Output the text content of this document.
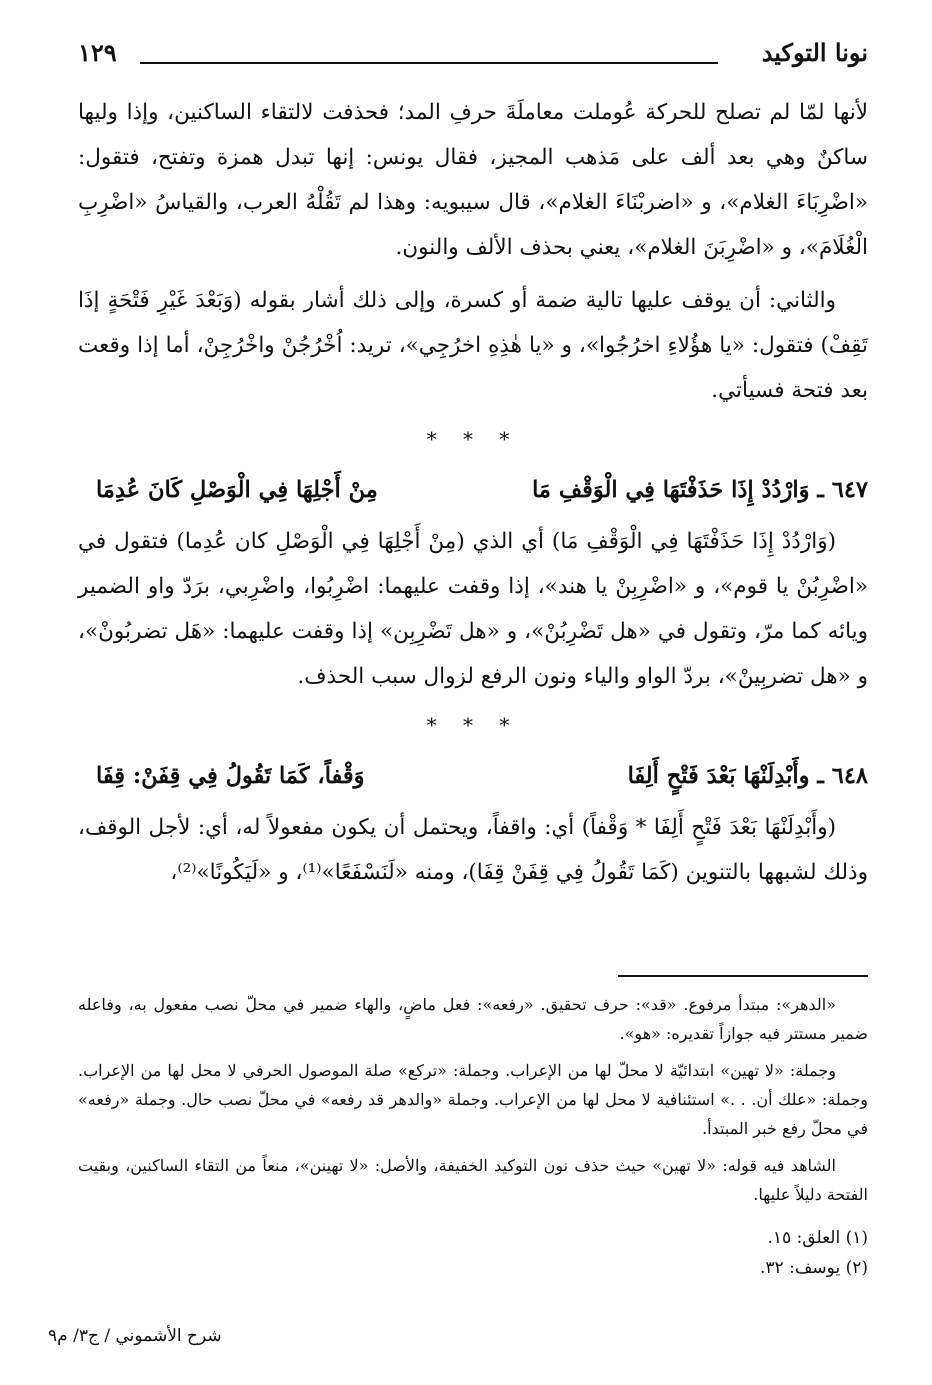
نونا التوكيد
١٢٩

لأنها لمّا لم تصلح للحركة عُوملت معاملَةَ حرفِ المد؛ فحذفت لالتقاء الساكنين، وإذا وليها ساكنٌ وهي بعد ألف على مَذهب المجيز، فقال يونس: إنها تبدل همزة وتفتح، فتقول: «اضْرِبَاءَ الغلام»، و «اضربْنَاءَ الغلام»، قال سيبويه: وهذا لم تَقُلْهُ العرب، والقياسُ «اضْرِبِ الْغُلَامَ»، و «اضْرِبَنَ الغلام»، يعني بحذف الألف والنون.

والثاني: أن يوقف عليها تالية ضمة أو كسرة، وإلى ذلك أشار بقوله (وَبَعْدَ غَيْرِ فَتْحَةٍ إذَا تَقِفْ) فتقول: «يا هؤُلاءِ اخرُجُوا»، و «يا هٰذِهِ اخرُجِي»، تريد: اُخْرُجُنْ واخْرُجِنْ، أما إذا وقعت بعد فتحة فسيأتي.

* * *
٦٤٧ ـ وَارْدُدْ إِذَا حَذَفْتَهَا فِي الْوَقْفِ مَامِنْ أَجْلِهَا فِي الْوَصْلِ كَانَ عُدِمَا

(وَارْدُدْ إِذَا حَذَفْتَهَا فِي الْوَقْفِ مَا) أي الذي (مِنْ أَجْلِهَا فِي الْوَصْلِ كان عُدِما) فتقول في «اضْرِبُنْ يا قوم»، و «اضْرِبِنْ يا هند»، إذا وقفت عليهما: اضْرِبُوا، واضْرِبي، برَدّ واو الضمير ويائه كما مرّ، وتقول في «هل تَضْرِبُنْ»، و «هل تَضْرِبِن» إذا وقفت عليهما: «هَل تضربُونْ»، و «هل تضربِينْ»، بردّ الواو والياء ونون الرفع لزوال سبب الحذف.

* * *
٦٤٨ ـ وأَبْدِلَنْهَا بَعْدَ فَتْحٍ أَلِفَاوَقْفاً، كَمَا تَقُولُ فِي قِفَنْ: قِفَا

(وأَبْدِلَنْهَا بَعْدَ فَتْحٍ أَلِفَا * وَقْفاً) أي: واقفاً، ويحتمل أن يكون مفعولاً له، أي: لأجل الوقف، وذلك لشبهها بالتنوين (كَمَا تَقُولُ فِي قِفَنْ قِفَا)، ومنه «لَنَسْفَعًا»⁽¹⁾، و «لَيَكُونًا»⁽²⁾،

«الدهر»: مبتدأ مرفوع. «قد»: حرف تحقيق. «رفعه»: فعل ماضٍ، والهاء ضمير في محلّ نصب مفعول به، وفاعله ضمير مستتر فيه جوازاً تقديره: «هو».

وجملة: «لا تهين» ابتدائيّة لا محلّ لها من الإعراب. وجملة: «تركع» صلة الموصول الحرفي لا محل لها من الإعراب. وجملة: «علك أن. . .» استئنافية لا محل لها من الإعراب. وجملة «والدهر قد رفعه» في محلّ نصب حال. وجملة «رفعه» في محلّ رفع خبر المبتدأ.

الشاهد فيه قوله: «لا تهين» حيث حذف نون التوكيد الخفيفة، والأصل: «لا تهينن»، منعاً من التقاء الساكنين، وبقيت الفتحة دليلاً عليها.

(١) العلق: ١٥.
(٢) يوسف: ٣٢.
شرح الأشموني / ج٣/ م٩
